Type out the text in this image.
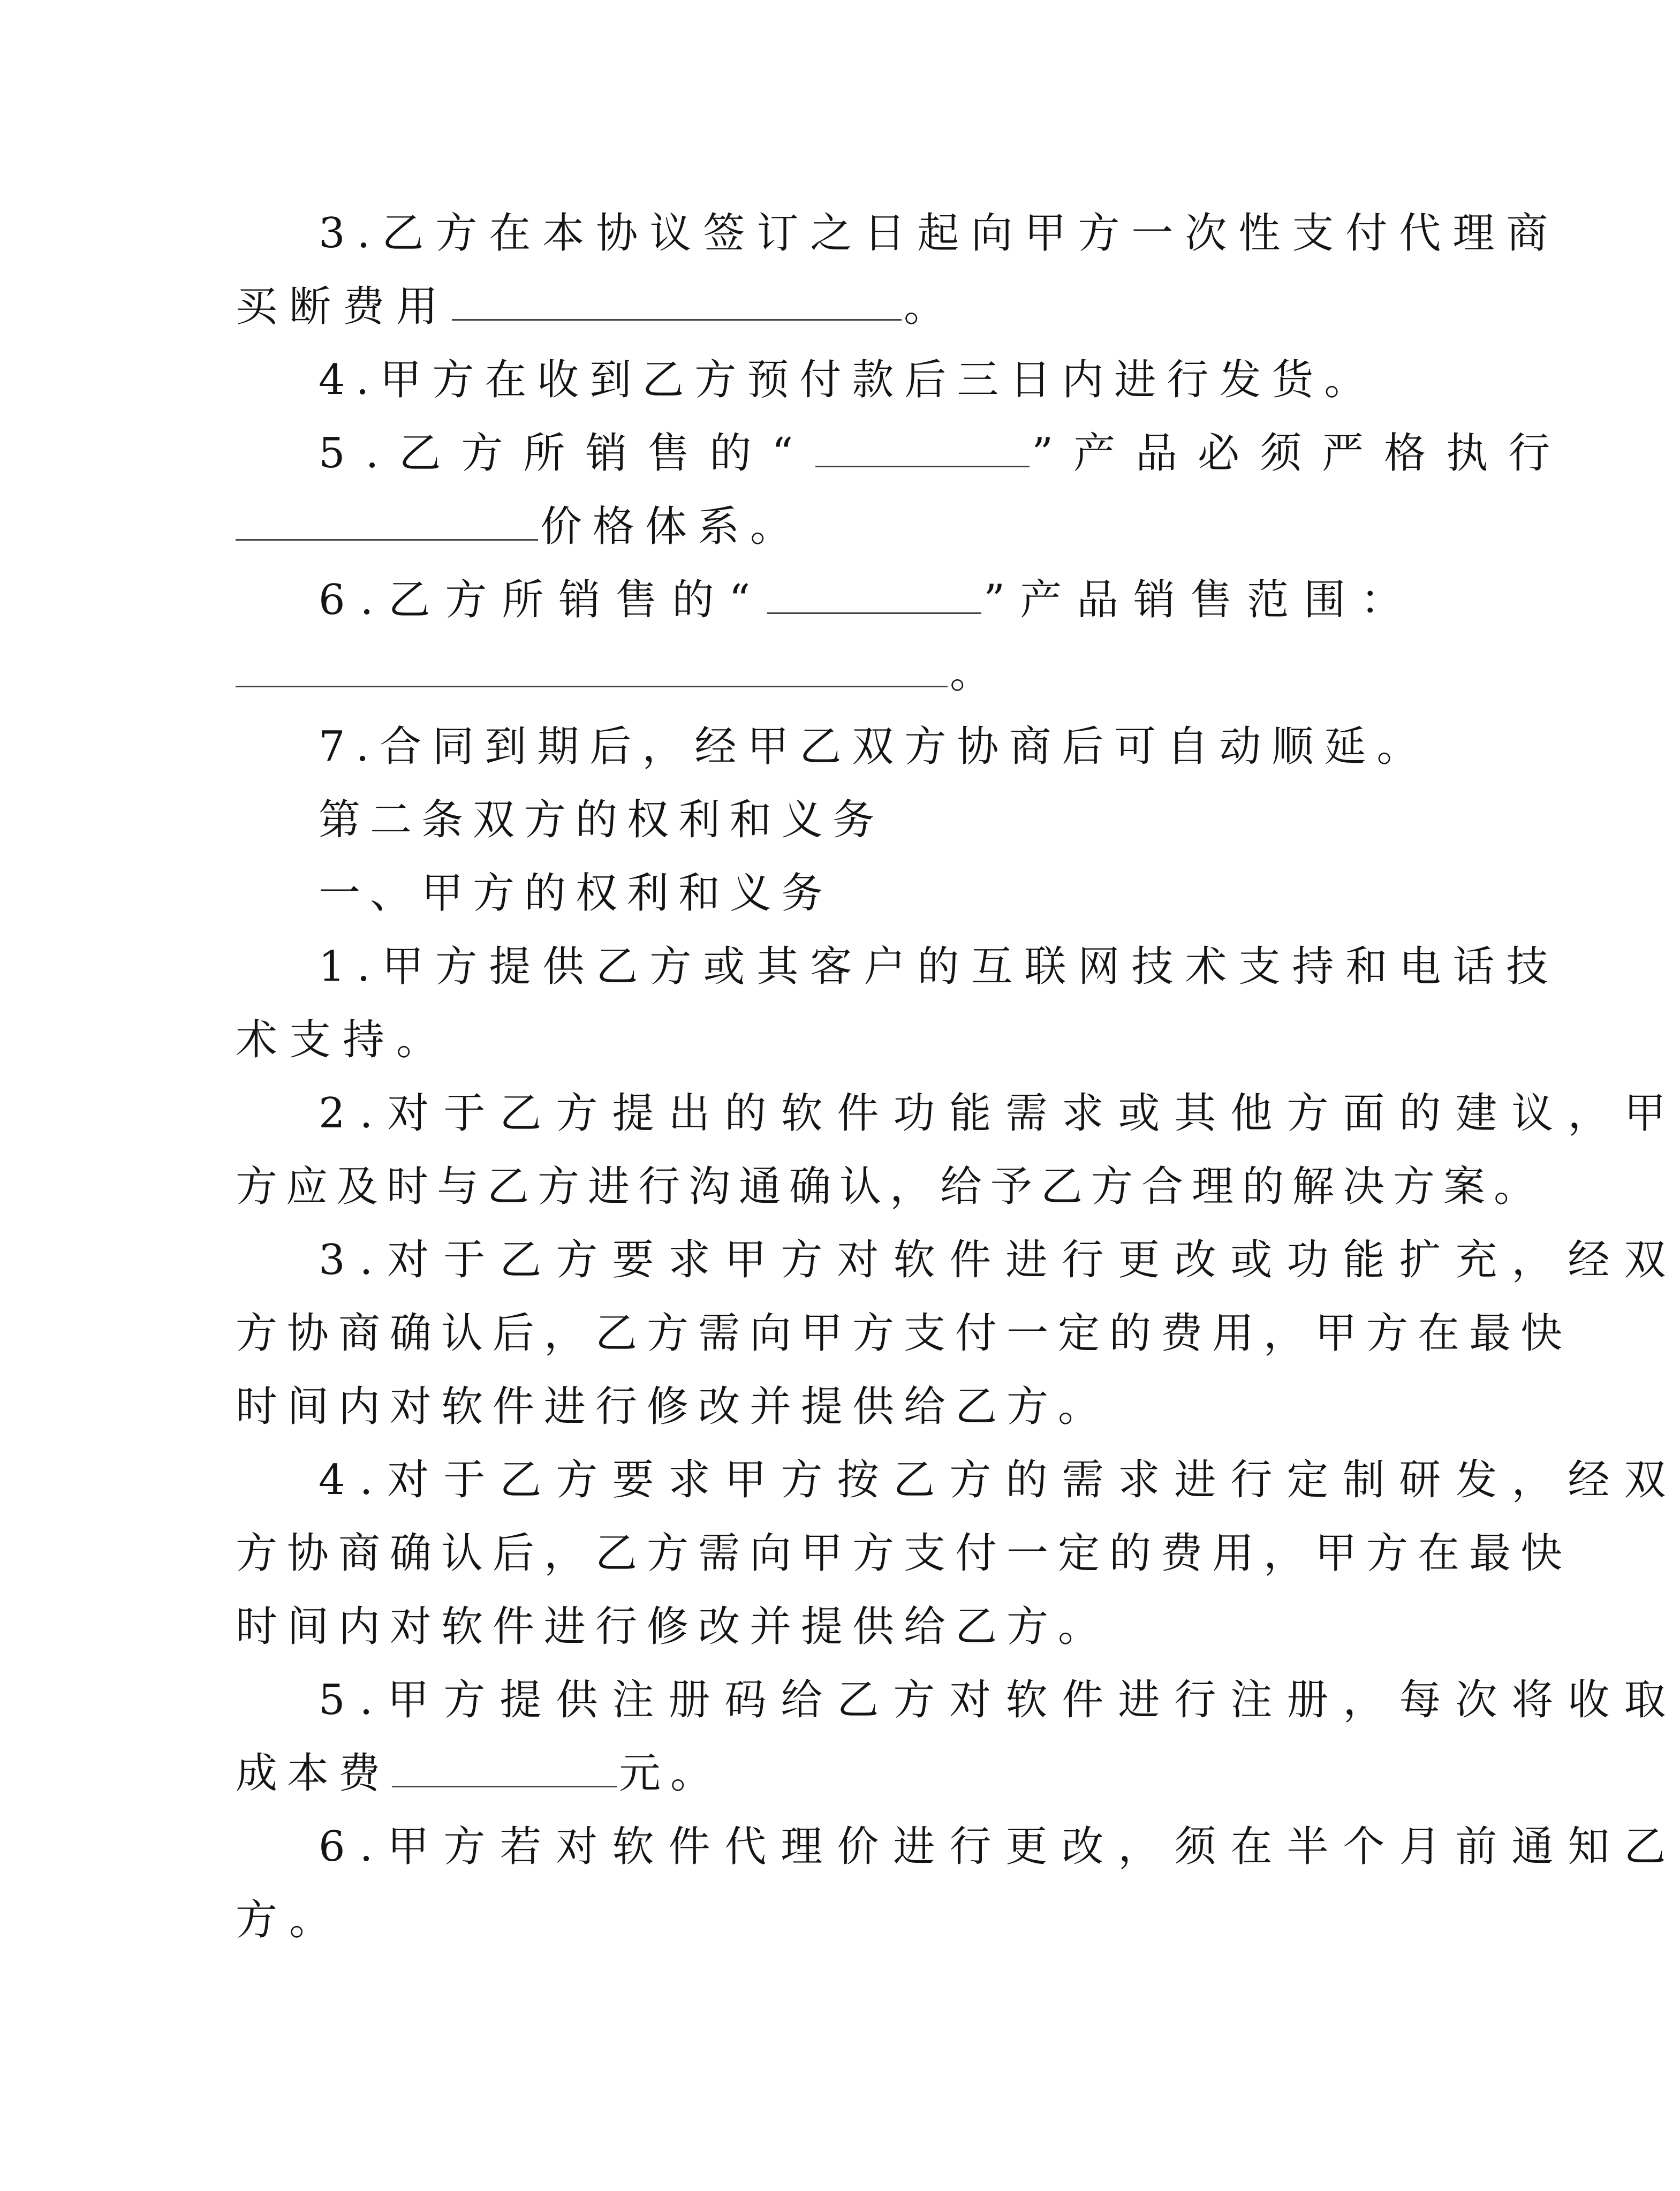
3.乙方在本协议签订之日起向甲方一次性支付代理商
买断费用	。
4.甲方在收到乙方预付款后三日内进行发货。
5.乙方所销售的“	”产品必须严格执行
价格体系。
6.乙方所销售的“	”产品销售范围：
。
7.合同到期后，经甲乙双方协商后可自动顺延。
第二条双方的权利和义务
一、甲方的权利和义务
1.甲方提供乙方或其客户的互联网技术支持和电话技
术支持。
2.对于乙方提出的软件功能需求或其他方面的建议，甲
方应及时与乙方进行沟通确认，给予乙方合理的解决方案。
3.对于乙方要求甲方对软件进行更改或功能扩充，经双
方协商确认后，乙方需向甲方支付一定的费用，甲方在最快
时间内对软件进行修改并提供给乙方。
4.对于乙方要求甲方按乙方的需求进行定制研发，经双
方协商确认后，乙方需向甲方支付一定的费用，甲方在最快
时间内对软件进行修改并提供给乙方。
5.甲方提供注册码给乙方对软件进行注册，每次将收取
成本费	元。
6.甲方若对软件代理价进行更改，须在半个月前通知乙
方。
